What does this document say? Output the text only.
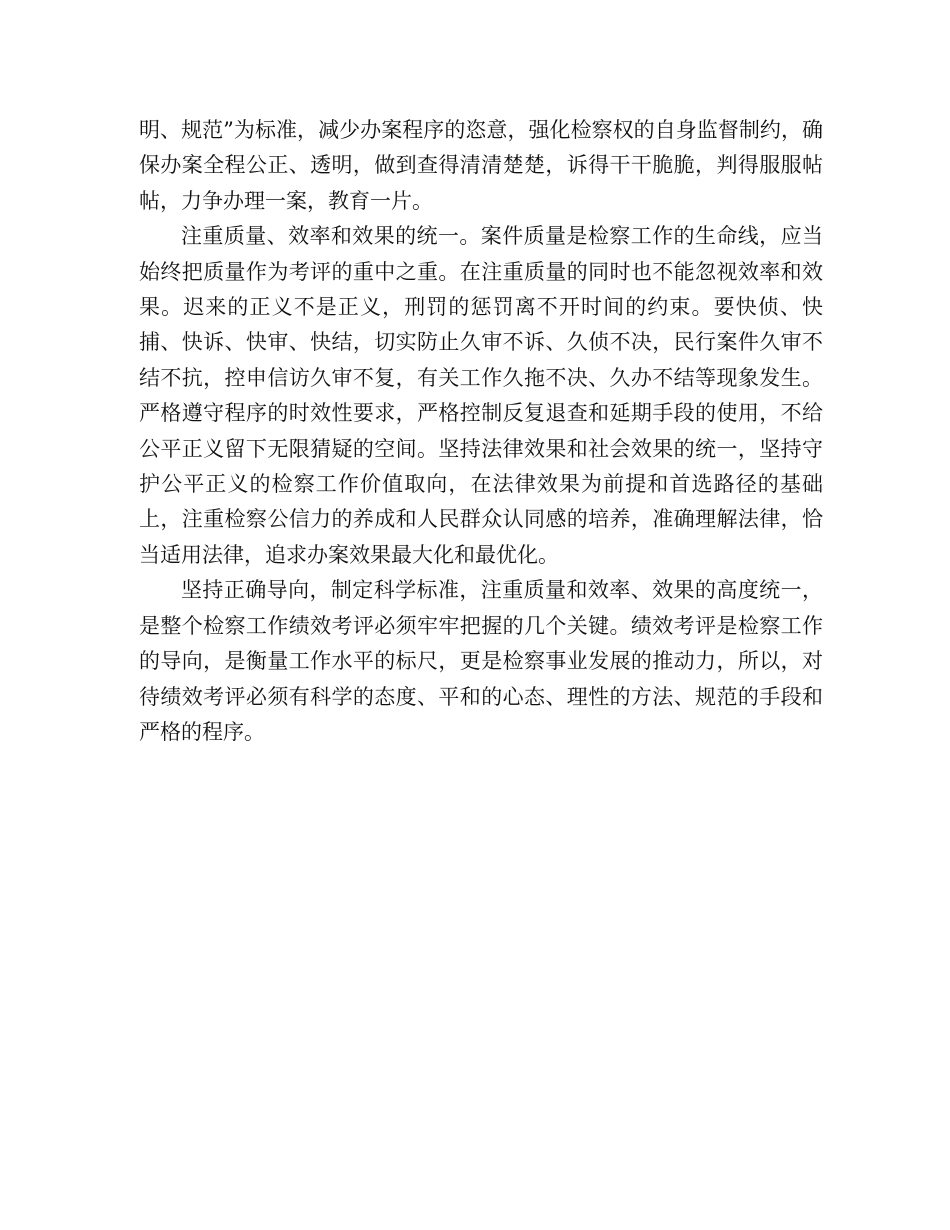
明、规范”为标准，减少办案程序的恣意，强化检察权的自身监督制约，确保办案全程公正、透明，做到查得清清楚楚，诉得干干脆脆，判得服服帖帖，力争办理一案，教育一片。

注重质量、效率和效果的统一。案件质量是检察工作的生命线，应当始终把质量作为考评的重中之重。在注重质量的同时也不能忽视效率和效果。迟来的正义不是正义，刑罚的惩罚离不开时间的约束。要快侦、快捕、快诉、快审、快结，切实防止久审不诉、久侦不决，民行案件久审不结不抗，控申信访久审不复，有关工作久拖不决、久办不结等现象发生。严格遵守程序的时效性要求，严格控制反复退查和延期手段的使用，不给公平正义留下无限猜疑的空间。坚持法律效果和社会效果的统一，坚持守护公平正义的检察工作价值取向，在法律效果为前提和首选路径的基础上，注重检察公信力的养成和人民群众认同感的培养，准确理解法律，恰当适用法律，追求办案效果最大化和最优化。

坚持正确导向，制定科学标准，注重质量和效率、效果的高度统一，是整个检察工作绩效考评必须牢牢把握的几个关键。绩效考评是检察工作的导向，是衡量工作水平的标尺，更是检察事业发展的推动力，所以，对待绩效考评必须有科学的态度、平和的心态、理性的方法、规范的手段和严格的程序。
